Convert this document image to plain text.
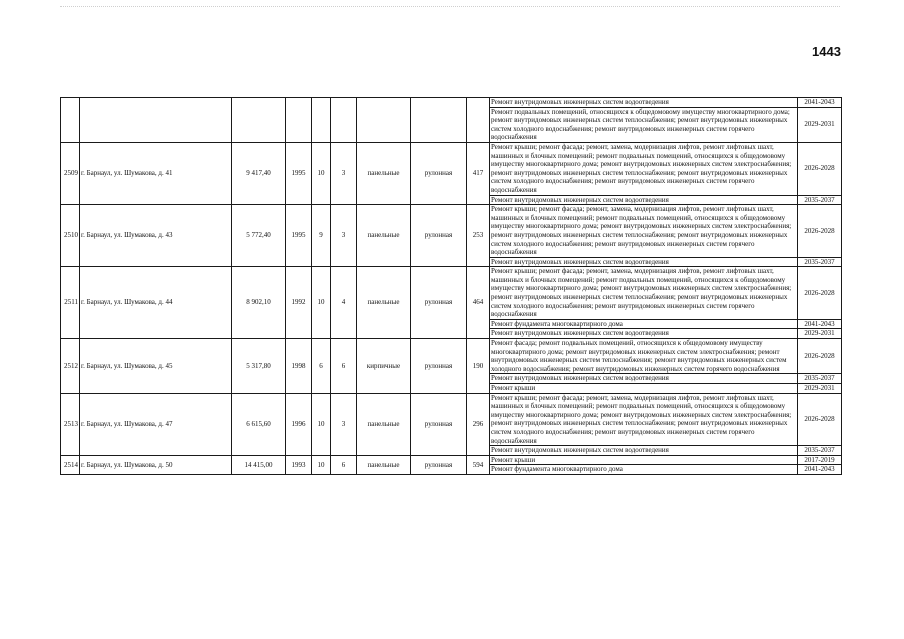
1443
									Ремонт внутридомовых инженерных систем водоотведения	2041-2043
									Ремонт подвальных помещений, относящихся к общедомовому имуществу многоквартирного дома; ремонт внутридомовых инженерных систем теплоснабжения; ремонт внутридомовых инженерных систем холодного водоснабжения; ремонт внутридомовых инженерных систем горячего водоснабжения	2029-2031
2509	г. Барнаул, ул. Шумакова, д. 41	9 417,40	1995	10	3	панельные	рулонная	417	Ремонт крыши; ремонт фасада; ремонт, замена, модернизация лифтов, ремонт лифтовых шахт, машинных и блочных помещений; ремонт подвальных помещений, относящихся к общедомовому имуществу многоквартирного дома; ремонт внутридомовых инженерных систем электроснабжения; ремонт внутридомовых инженерных систем теплоснабжения; ремонт внутридомовых инженерных систем холодного водоснабжения; ремонт внутридомовых инженерных систем горячего водоснабжения	2026-2028
									Ремонт внутридомовых инженерных систем водоотведения	2035-2037
2510	г. Барнаул, ул. Шумакова, д. 43	5 772,40	1995	9	3	панельные	рулонная	253	Ремонт крыши; ремонт фасада; ремонт, замена, модернизация лифтов, ремонт лифтовых шахт, машинных и блочных помещений; ремонт подвальных помещений, относящихся к общедомовому имуществу многоквартирного дома; ремонт внутридомовых инженерных систем электроснабжения; ремонт внутридомовых инженерных систем теплоснабжения; ремонт внутридомовых инженерных систем холодного водоснабжения; ремонт внутридомовых инженерных систем горячего водоснабжения	2026-2028
									Ремонт внутридомовых инженерных систем водоотведения	2035-2037
2511	г. Барнаул, ул. Шумакова, д. 44	8 902,10	1992	10	4	панельные	рулонная	464	Ремонт крыши; ремонт фасада; ремонт, замена, модернизация лифтов, ремонт лифтовых шахт, машинных и блочных помещений; ремонт подвальных помещений, относящихся к общедомовому имуществу многоквартирного дома; ремонт внутридомовых инженерных систем электроснабжения; ремонт внутридомовых инженерных систем теплоснабжения; ремонт внутридомовых инженерных систем холодного водоснабжения; ремонт внутридомовых инженерных систем горячего водоснабжения	2026-2028
									Ремонт фундамента многоквартирного дома	2041-2043
									Ремонт внутридомовых инженерных систем водоотведения	2029-2031
2512	г. Барнаул, ул. Шумакова, д. 45	5 317,80	1998	6	6	кирпичные	рулонная	190	Ремонт фасада; ремонт подвальных помещений, относящихся к общедомовому имуществу многоквартирного дома; ремонт внутридомовых инженерных систем электроснабжения; ремонт внутридомовых инженерных систем теплоснабжения; ремонт внутридомовых инженерных систем холодного водоснабжения; ремонт внутридомовых инженерных систем горячего водоснабжения	2026-2028
									Ремонт внутридомовых инженерных систем водоотведения	2035-2037
									Ремонт крыши	2029-2031
2513	г. Барнаул, ул. Шумакова, д. 47	6 615,60	1996	10	3	панельные	рулонная	296	Ремонт крыши; ремонт фасада; ремонт, замена, модернизация лифтов, ремонт лифтовых шахт, машинных и блочных помещений; ремонт подвальных помещений, относящихся к общедомовому имуществу многоквартирного дома; ремонт внутридомовых инженерных систем электроснабжения; ремонт внутридомовых инженерных систем теплоснабжения; ремонт внутридомовых инженерных систем холодного водоснабжения; ремонт внутридомовых инженерных систем горячего водоснабжения	2026-2028
									Ремонт внутридомовых инженерных систем водоотведения	2035-2037
2514	г. Барнаул, ул. Шумакова, д. 50	14 415,00	1993	10	6	панельные	рулонная	594	Ремонт крыши	2017-2019
									Ремонт фундамента многоквартирного дома	2041-2043
